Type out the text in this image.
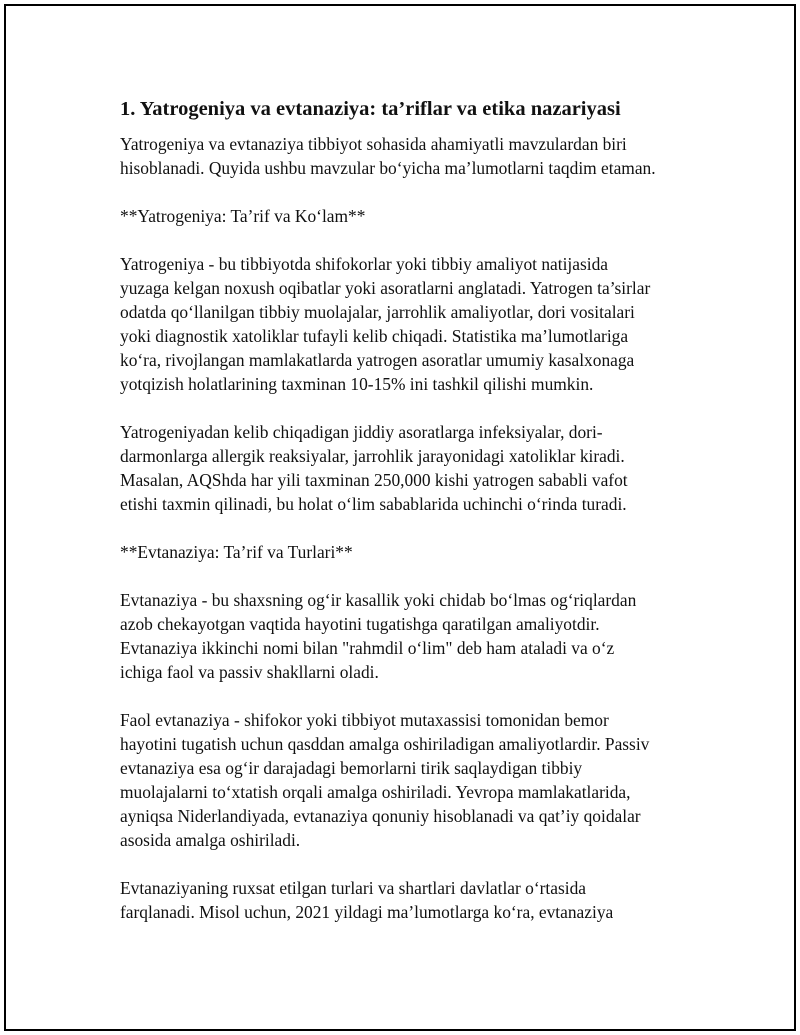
1. Yatrogeniya va evtanaziya: ta’riflar va etika nazariyasi

Yatrogeniya va evtanaziya tibbiyot sohasida ahamiyatli mavzulardan biri
hisoblanadi. Quyida ushbu mavzular bo‘yicha ma’lumotlarni taqdim etaman.

**Yatrogeniya: Ta’rif va Ko‘lam**

Yatrogeniya - bu tibbiyotda shifokorlar yoki tibbiy amaliyot natijasida
yuzaga kelgan noxush oqibatlar yoki asoratlarni anglatadi. Yatrogen ta’sirlar
odatda qo‘llanilgan tibbiy muolajalar, jarrohlik amaliyotlar, dori vositalari
yoki diagnostik xatoliklar tufayli kelib chiqadi. Statistika ma’lumotlariga
ko‘ra, rivojlangan mamlakatlarda yatrogen asoratlar umumiy kasalxonaga
yotqizish holatlarining taxminan 10-15% ini tashkil qilishi mumkin.

Yatrogeniyadan kelib chiqadigan jiddiy asoratlarga infeksiyalar, dori-
darmonlarga allergik reaksiyalar, jarrohlik jarayonidagi xatoliklar kiradi.
Masalan, AQShda har yili taxminan 250,000 kishi yatrogen sababli vafot
etishi taxmin qilinadi, bu holat o‘lim sabablarida uchinchi o‘rinda turadi.

**Evtanaziya: Ta’rif va Turlari**

Evtanaziya - bu shaxsning og‘ir kasallik yoki chidab bo‘lmas og‘riqlardan
azob chekayotgan vaqtida hayotini tugatishga qaratilgan amaliyotdir.
Evtanaziya ikkinchi nomi bilan "rahmdil o‘lim" deb ham ataladi va o‘z
ichiga faol va passiv shakllarni oladi.

Faol evtanaziya - shifokor yoki tibbiyot mutaxassisi tomonidan bemor
hayotini tugatish uchun qasddan amalga oshiriladigan amaliyotlardir. Passiv
evtanaziya esa og‘ir darajadagi bemorlarni tirik saqlaydigan tibbiy
muolajalarni to‘xtatish orqali amalga oshiriladi. Yevropa mamlakatlarida,
ayniqsa Niderlandiyada, evtanaziya qonuniy hisoblanadi va qat’iy qoidalar
asosida amalga oshiriladi.

Evtanaziyaning ruxsat etilgan turlari va shartlari davlatlar o‘rtasida
farqlanadi. Misol uchun, 2021 yildagi ma’lumotlarga ko‘ra, evtanaziya
